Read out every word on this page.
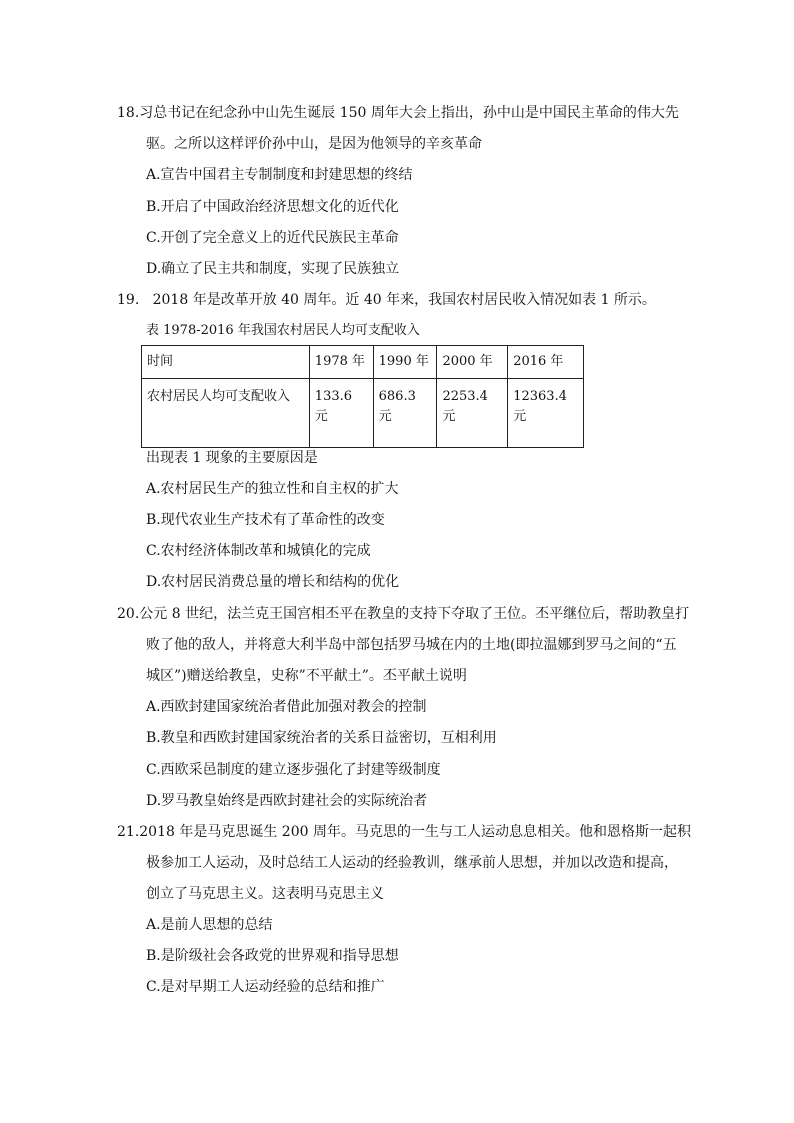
18.习总书记在纪念孙中山先生诞辰 150 周年大会上指出，孙中山是中国民主革命的伟大先
驱。之所以这样评价孙中山，是因为他领导的辛亥革命
A.宣告中国君主专制制度和封建思想的终结
B.开启了中国政治经济思想文化的近代化
C.开创了完全意义上的近代民族民主革命
D.确立了民主共和制度，实现了民族独立
19.   2018 年是改革开放 40 周年。近 40 年来，我国农村居民收入情况如表 1 所示。
表 1978-2016 年我国农村居民人均可支配收入
时间	1978 年	1990 年	2000 年	2016 年
农村居民人均可支配收入	133.6 元	686.3 元	2253.4 元	12363.4 元
出现表 1 现象的主要原因是
A.农村居民生产的独立性和自主权的扩大
B.现代农业生产技术有了革命性的改变
C.农村经济体制改革和城镇化的完成
D.农村居民消费总量的增长和结构的优化
20.公元 8 世纪，法兰克王国宫相丕平在教皇的支持下夺取了王位。丕平继位后，帮助教皇打
败了他的敌人，并将意大利半岛中部包括罗马城在内的土地(即拉温娜到罗马之间的“五
城区”)赠送给教皇，史称”不平献土”。丕平献土说明
A.西欧封建国家统治者借此加强对教会的控制
B.教皇和西欧封建国家统治者的关系日益密切，互相利用
C.西欧采邑制度的建立逐步强化了封建等级制度
D.罗马教皇始终是西欧封建社会的实际统治者
21.2018 年是马克思诞生 200 周年。马克思的一生与工人运动息息相关。他和恩格斯一起积
极参加工人运动，及时总结工人运动的经验教训，继承前人思想，并加以改造和提高，
创立了马克思主义。这表明马克思主义
A.是前人思想的总结
B.是阶级社会各政党的世界观和指导思想
C.是对早期工人运动经验的总结和推广
